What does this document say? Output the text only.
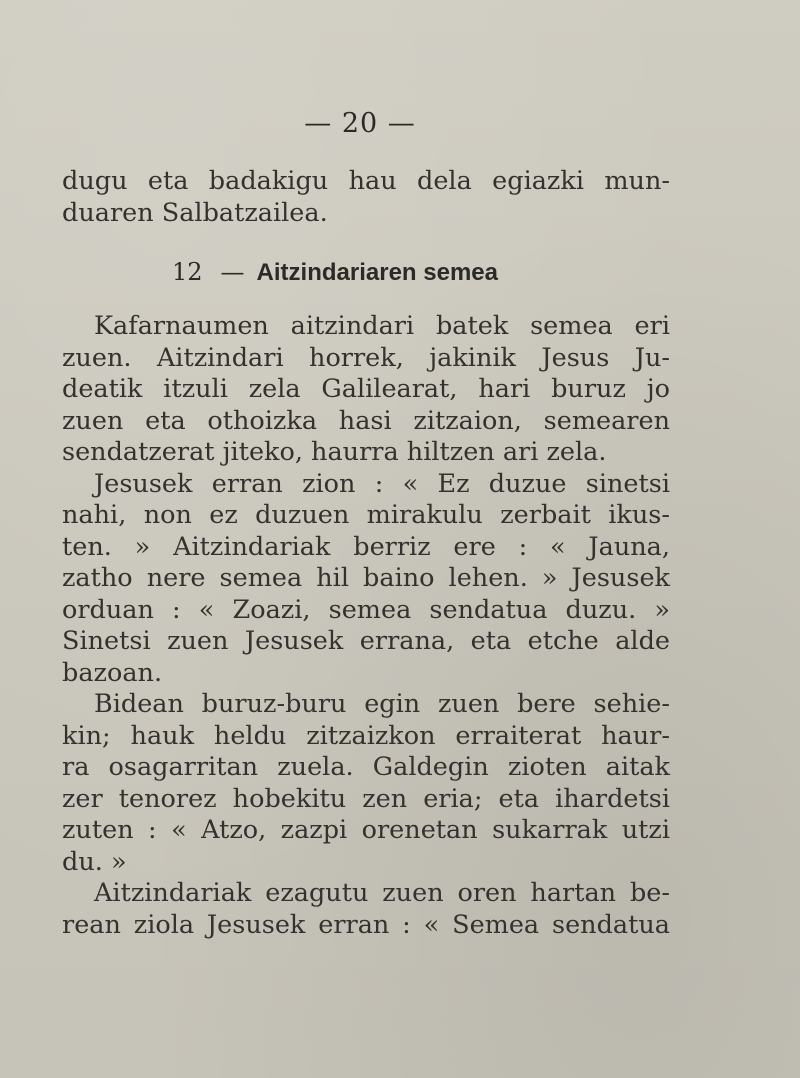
— 20 —
dugu eta badakigu hau dela egiazki mun-
duaren Salbatzailea.
12 — Aitzindariaren semea
Kafarnaumen aitzindari batek semea eri
zuen. Aitzindari horrek, jakinik Jesus Ju-
deatik itzuli zela Galilearat, hari buruz jo
zuen eta othoizka hasi zitzaion, semearen
sendatzerat jiteko, haurra hiltzen ari zela.
Jesusek erran zion : « Ez duzue sinetsi
nahi, non ez duzuen mirakulu zerbait ikus-
ten. » Aitzindariak berriz ere : « Jauna,
zatho nere semea hil baino lehen. » Jesusek
orduan : « Zoazi, semea sendatua duzu. »
Sinetsi zuen Jesusek errana, eta etche alde
bazoan.
Bidean buruz-buru egin zuen bere sehie-
kin; hauk heldu zitzaizkon erraiterat haur-
ra osagarritan zuela. Galdegin zioten aitak
zer tenorez hobekitu zen eria; eta ihardetsi
zuten : « Atzo, zazpi orenetan sukarrak utzi
du. »
Aitzindariak ezagutu zuen oren hartan be-
rean ziola Jesusek erran : « Semea sendatua
